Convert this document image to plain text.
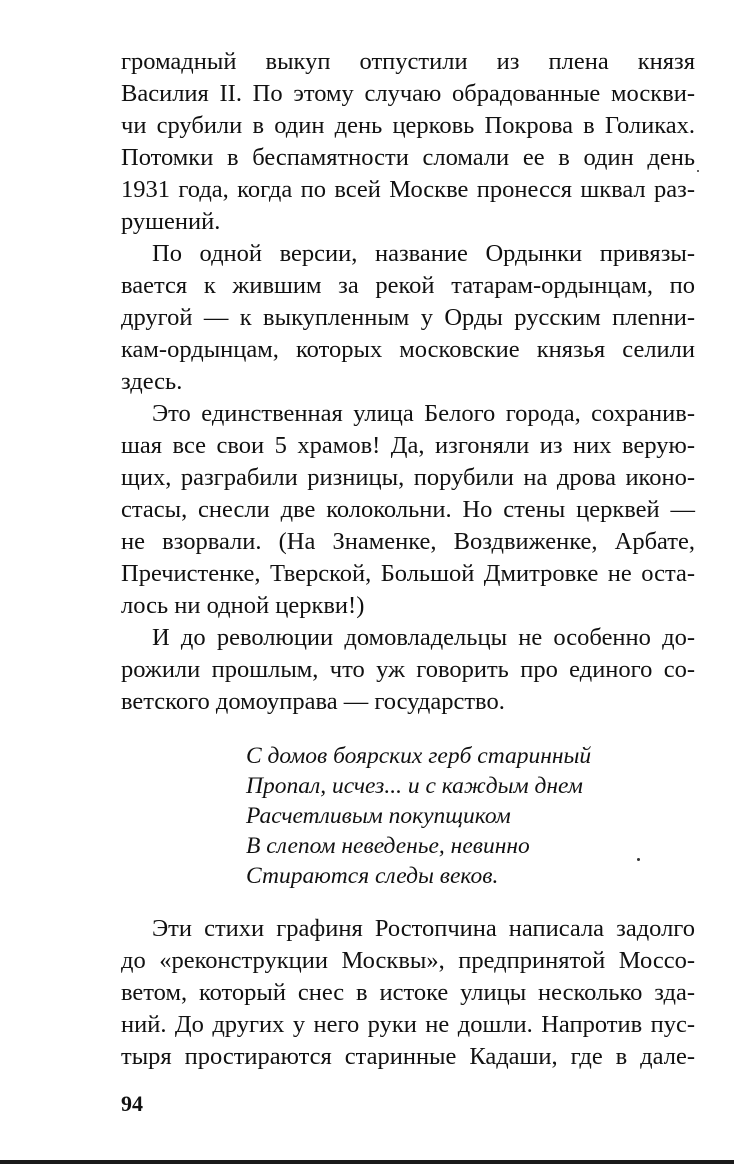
громадный выкуп отпустили из плена князя
Василия II. По этому случаю обрадованные москви-
чи срубили в один день церковь Покрова в Голиках.
Потомки в беспамятности сломали ее в один день
1931 года, когда по всей Москве пронесся шквал раз-
рушений.
По одной версии, название Ордынки привязы-
вается к жившим за рекой татарам-ордынцам, по
другой — к выкупленным у Орды русским плenни-
кам-ордынцам, которых московские князья селили
здесь.
Это единственная улица Белого города, сохранив-
шая все свои 5 храмов! Да, изгоняли из них верую-
щих, разграбили ризницы, порубили на дрова иконо-
стасы, снесли две колокольни. Но стены церквей —
не взорвали. (На Знаменке, Воздвиженке, Арбате,
Пречистенке, Тверской, Большой Дмитровке не оста-
лось ни одной церкви!)
И до революции домовладельцы не особенно до-
рожили прошлым, что уж говорить про единого со-
ветского домоуправа — государство.
С домов боярских герб старинный
Пропал, исчез... и с каждым днем
Расчетливым покупщиком
В слепом неведенье, невинно
Стираются следы веков.
Эти стихи графиня Ростопчина написала задолго
до «реконструкции Москвы», предпринятой Моссо-
ветом, который снес в истоке улицы несколько зда-
ний. До других у него руки не дошли. Напротив пус-
тыря простираются старинные Кадаши, где в дале-
94
